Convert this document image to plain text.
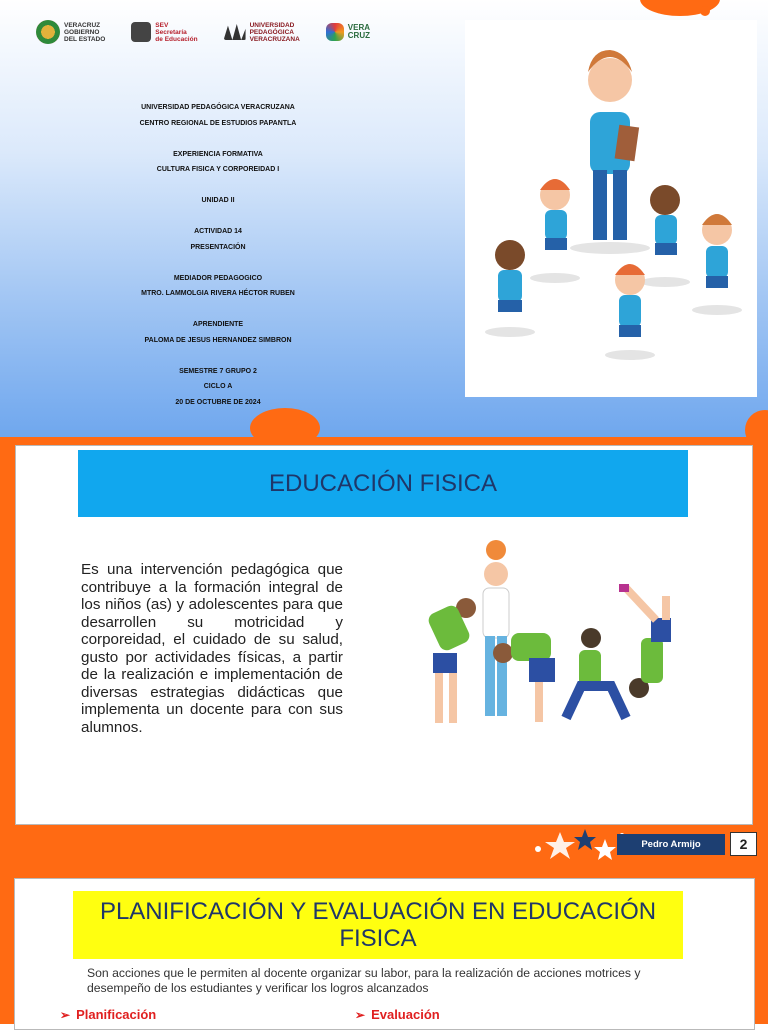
VERACRUZ
GOBIERNO
DEL ESTADO
SEV
Secretaría
de Educación
UNIVERSIDAD
PEDAGÓGICA
VERACRUZANA
VERA
CRUZ
UNIVERSIDAD PEDAGÓGICA VERACRUZANA
CENTRO REGIONAL DE ESTUDIOS PAPANTLA
EXPERIENCIA FORMATIVA
CULTURA FISICA Y CORPOREIDAD I
UNIDAD II
ACTIVIDAD 14
PRESENTACIÓN
MEDIADOR PEDAGOGICO
MTRO. LAMMOLGIA RIVERA HÉCTOR RUBEN
APRENDIENTE
PALOMA DE JESUS HERNANDEZ SIMBRON
SEMESTRE 7 GRUPO 2
CICLO A
20 DE OCTUBRE DE 2024
EDUCACIÓN FISICA
Es una intervención pedagógica que contribuye a la formación integral de los niños (as) y adolescentes para que desarrollen su motricidad y corporeidad, el cuidado de su salud, gusto por actividades físicas, a partir de la realización e implementación de diversas estrategias didácticas que implementa un docente para con sus alumnos.
Pedro Armijo	2
PLANIFICACIÓN Y EVALUACIÓN EN EDUCACIÓN FISICA
Son acciones que le permiten al docente organizar su labor, para la realización de acciones motrices y desempeño de los estudiantes y verificar los logros alcanzados
➢ Planificación	➢ Evaluación
